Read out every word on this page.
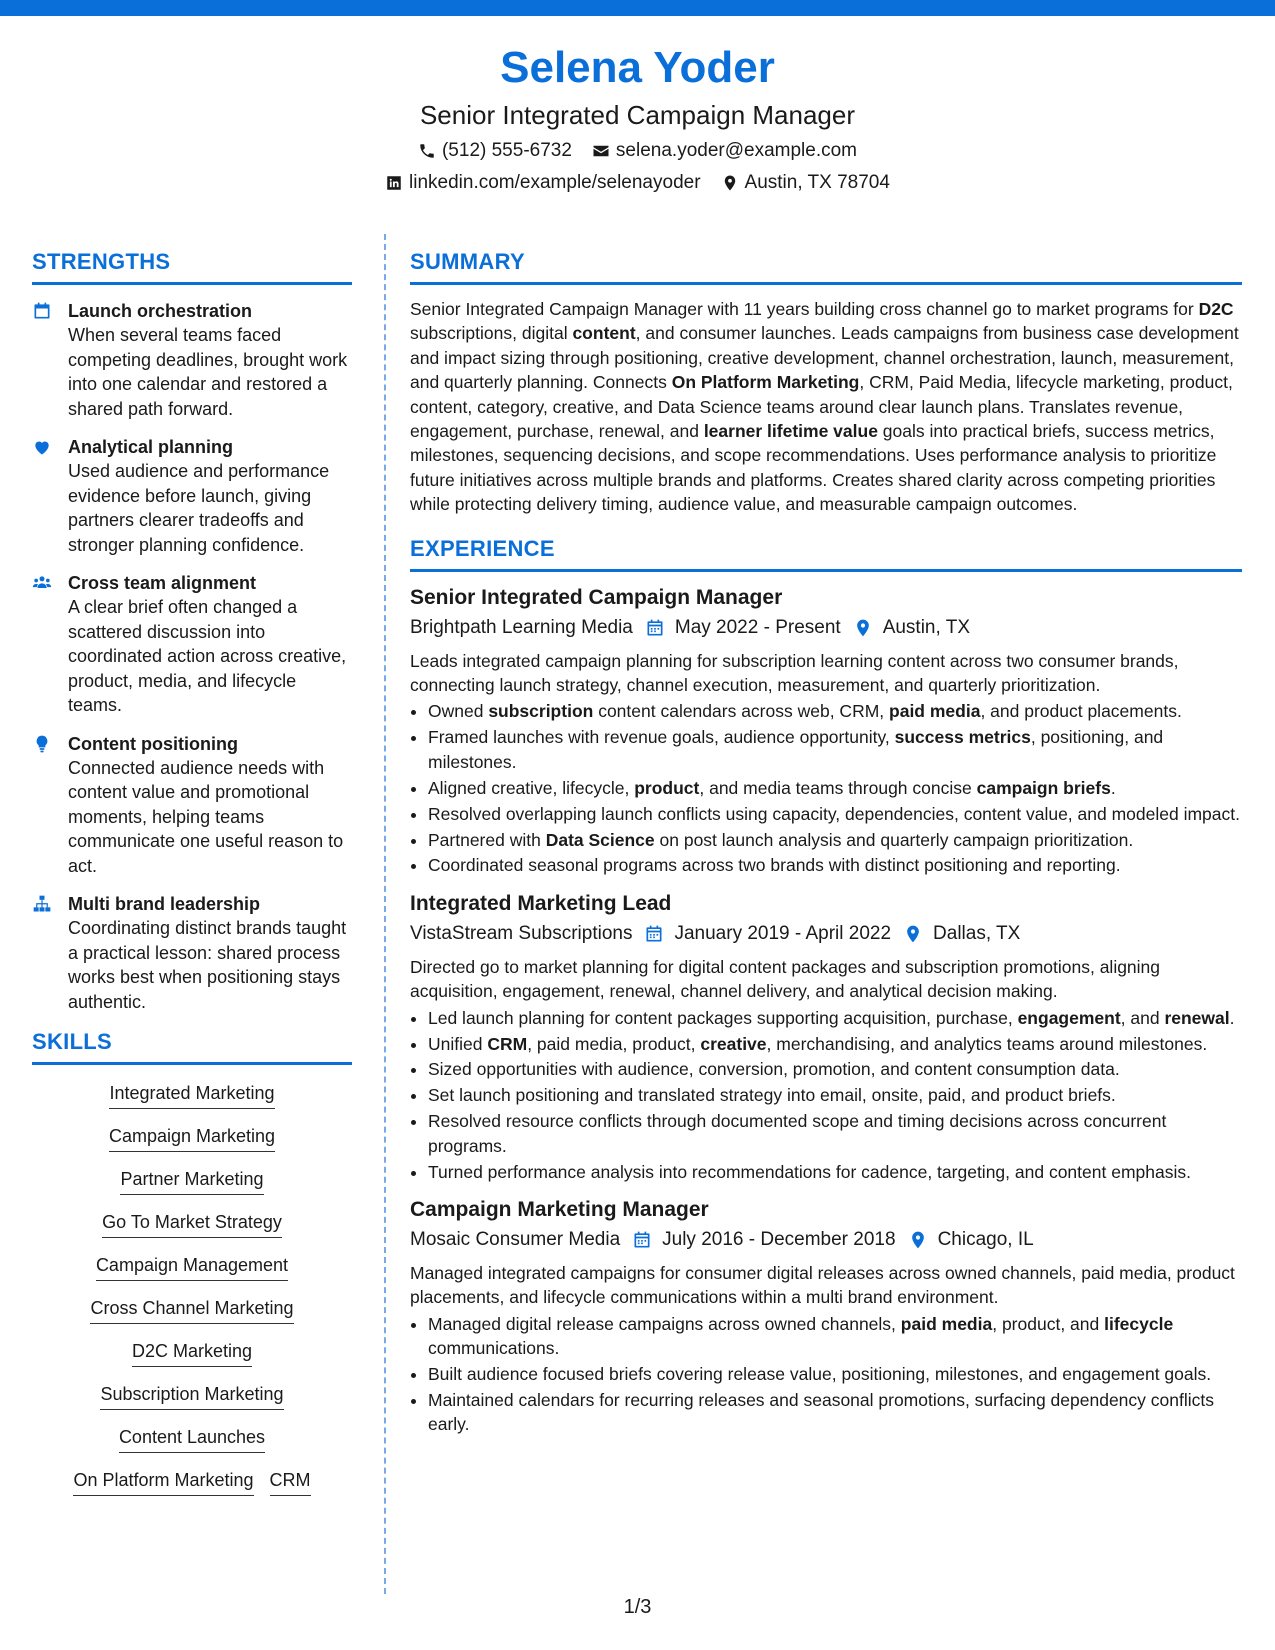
Selena Yoder
Senior Integrated Campaign Manager
(512) 555-6732 selena.yoder@example.com
linkedin.com/example/selenayoder Austin, TX 78704
STRENGTHS
Launch orchestration
When several teams faced competing deadlines, brought work into one calendar and restored a shared path forward.
Analytical planning
Used audience and performance evidence before launch, giving partners clearer tradeoffs and stronger planning confidence.
Cross team alignment
A clear brief often changed a scattered discussion into coordinated action across creative, product, media, and lifecycle teams.
Content positioning
Connected audience needs with content value and promotional moments, helping teams communicate one useful reason to act.
Multi brand leadership
Coordinating distinct brands taught a practical lesson: shared process works best when positioning stays authentic.
SKILLS
Integrated Marketing
Campaign Marketing
Partner Marketing
Go To Market Strategy
Campaign Management
Cross Channel Marketing
D2C Marketing
Subscription Marketing
Content Launches
On Platform Marketing CRM
SUMMARY

Senior Integrated Campaign Manager with 11 years building cross channel go to market programs for D2C subscriptions, digital content, and consumer launches. Leads campaigns from business case development and impact sizing through positioning, creative development, channel orchestration, launch, measurement, and quarterly planning. Connects On Platform Marketing, CRM, Paid Media, lifecycle marketing, product, content, category, creative, and Data Science teams around clear launch plans. Translates revenue, engagement, purchase, renewal, and learner lifetime value goals into practical briefs, success metrics, milestones, sequencing decisions, and scope recommendations. Uses performance analysis to prioritize future initiatives across multiple brands and platforms. Creates shared clarity across competing priorities while protecting delivery timing, audience value, and measurable campaign outcomes.

EXPERIENCE
Senior Integrated Campaign Manager
Brightpath Learning Media May 2022 - Present Austin, TX
Leads integrated campaign planning for subscription learning content across two consumer brands, connecting launch strategy, channel execution, measurement, and quarterly prioritization.
• Owned subscription content calendars across web, CRM, paid media, and product placements.
• Framed launches with revenue goals, audience opportunity, success metrics, positioning, and milestones.
• Aligned creative, lifecycle, product, and media teams through concise campaign briefs.
• Resolved overlapping launch conflicts using capacity, dependencies, content value, and modeled impact.
• Partnered with Data Science on post launch analysis and quarterly campaign prioritization.
• Coordinated seasonal programs across two brands with distinct positioning and reporting.
Integrated Marketing Lead
VistaStream Subscriptions January 2019 - April 2022 Dallas, TX
Directed go to market planning for digital content packages and subscription promotions, aligning acquisition, engagement, renewal, channel delivery, and analytical decision making.
• Led launch planning for content packages supporting acquisition, purchase, engagement, and renewal.
• Unified CRM, paid media, product, creative, merchandising, and analytics teams around milestones.
• Sized opportunities with audience, conversion, promotion, and content consumption data.
• Set launch positioning and translated strategy into email, onsite, paid, and product briefs.
• Resolved resource conflicts through documented scope and timing decisions across concurrent programs.
• Turned performance analysis into recommendations for cadence, targeting, and content emphasis.
Campaign Marketing Manager
Mosaic Consumer Media July 2016 - December 2018 Chicago, IL
Managed integrated campaigns for consumer digital releases across owned channels, paid media, product placements, and lifecycle communications within a multi brand environment.
• Managed digital release campaigns across owned channels, paid media, product, and lifecycle communications.
• Built audience focused briefs covering release value, positioning, milestones, and engagement goals.
• Maintained calendars for recurring releases and seasonal promotions, surfacing dependency conflicts early.
1/3
